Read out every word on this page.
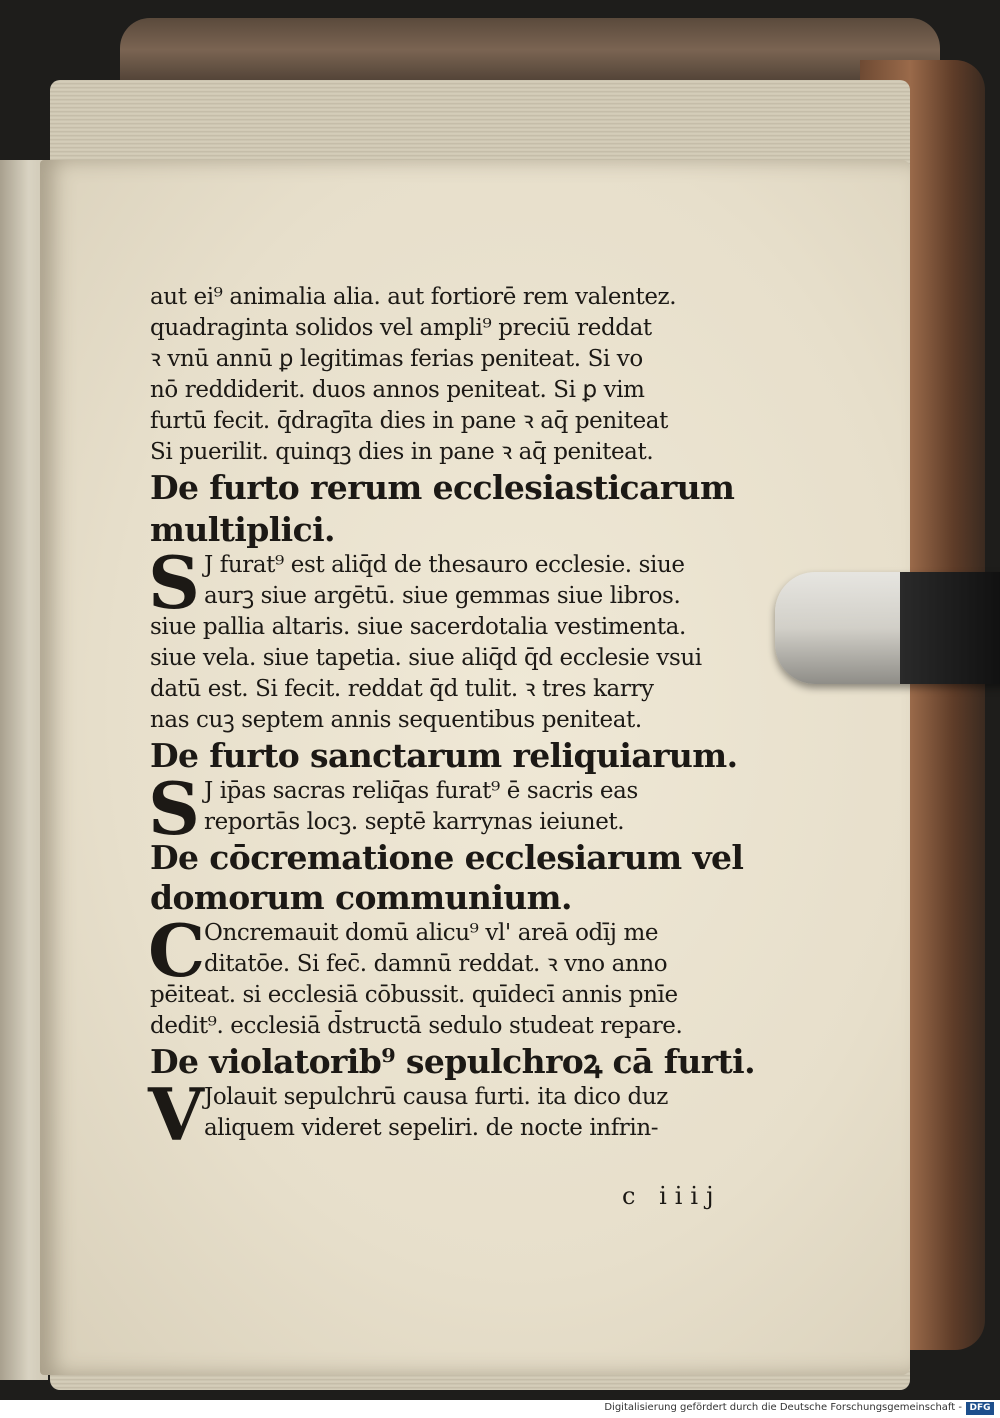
aut ei⁹ animalia alia. aut fortiorē rem valentez.
quadraginta solidos vel ampli⁹ preciū reddat
ꝛ vnū annū ꝑ legitimas ferias peniteat. Si vo
nō reddiderit. duos annos peniteat. Si ꝑ vim
furtū fecit. q̄dragīta dies in pane ꝛ aq̄ peniteat
Si puerilit. quinqꝫ dies in pane ꝛ aq̄ peniteat.
De furto rerum ecclesiasticarum
multiplici.
S J furat⁹ est aliq̄d de thesauro ecclesie. siue
aurꝫ siue argētū. siue gemmas siue libros.
siue pallia altaris. siue sacerdotalia vestimenta.
siue vela. siue tapetia. siue aliq̄d q̄d ecclesie vsui
datū est. Si fecit. reddat q̄d tulit. ꝛ tres karry
nas cuꝫ septem annis sequentibus peniteat.
De furto sanctarum reliquiarum.
S J ip̄as sacras reliq̄as furat⁹ ē sacris eas
reportās locꝫ. septē karrynas ieiunet.
De cōcrematione ecclesiarum vel
domorum communium.
C Oncremauit domū alicu⁹ vl' areā odīj me
ditatōe. Si fec̄. damnū reddat. ꝛ vno anno
pēiteat. si ecclesiā cōbussit. quīdecī annis pnīe
dedit⁹. ecclesiā d̄structā sedulo studeat repare.
De violatorib⁹ sepulchroꝝ cā furti.
V Jolauit sepulchrū causa furti. ita dico duz
aliquem videret sepeliri. de nocte infrin-
c iiij
Digitalisierung gefördert durch die Deutsche Forschungsgemeinschaft - DFG
